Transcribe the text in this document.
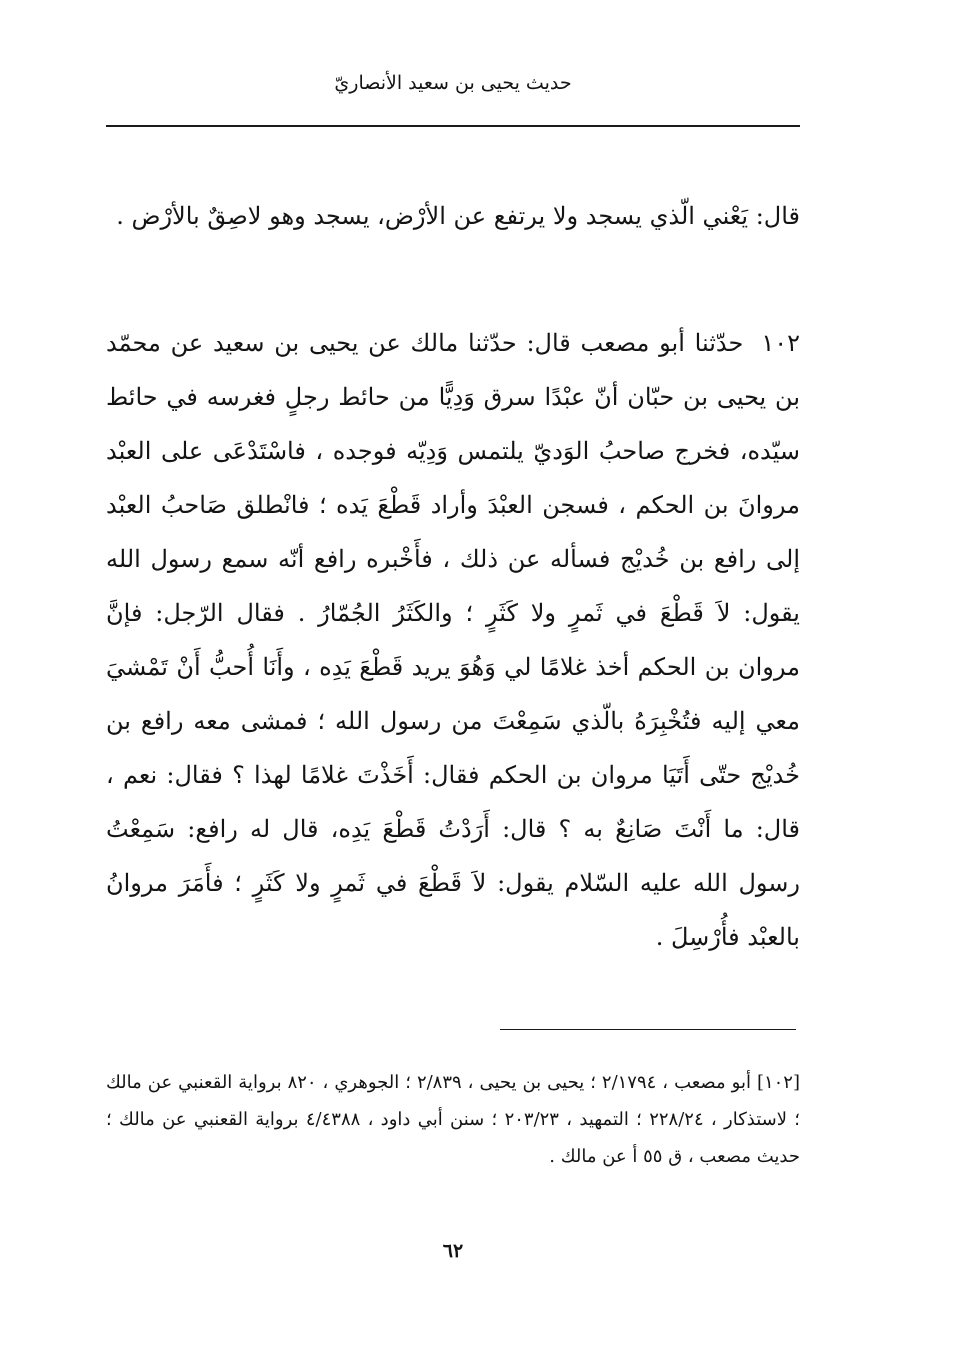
حديث يحيى بن سعيد الأنصاريّ

قال: يَعْني الّذي يسجد ولا يرتفع عن الأرْض، يسجد وهو لاصِقٌ بالأرْض .

١٠٢حدّثنا أبو مصعب قال: حدّثنا مالك عن يحيى بن سعيد عن محمّد بن يحيى بن حبّان أنّ عبْدًا سرق وَدِيًّا من حائط رجلٍ فغرسه في حائط سيّده، فخرج صاحبُ الوَديّ يلتمس وَدِيّه فوجده ، فاسْتَدْعَى على العبْد مروانَ بن الحكم ، فسجن العبْدَ وأراد قَطْعَ يَده ؛ فانْطلق صَاحبُ العبْد إلى رافع بن خُديْج فسأله عن ذلك ، فأَخْبره رافع أنّه سمع رسول الله يقول: لاَ قَطْعَ في ثَمرٍ ولا كَثَرٍ ؛ والكَثَرُ الجُمّارُ . فقال الرّجل: فإنَّ مروان بن الحكم أخذ غلامًا لي وَهُوَ يريد قَطْعَ يَدِه ، وأَنَا أُحبُّ أَنْ تَمْشيَ معي إليه فتُخْبِرَهُ بالّذي سَمِعْتَ من رسول الله ؛ فمشى معه رافع بن خُديْج حتّى أَتَيَا مروان بن الحكم فقال: أَخَذْتَ غلامًا لهذا ؟ فقال: نعم ، قال: ما أَنْتَ صَانِعٌ به ؟ قال: أَرَدْتُ قَطْعَ يَدِه، قال له رافع: سَمِعْتُ رسول الله عليه السّلام يقول: لاَ قَطْعَ في ثَمرٍ ولا كَثَرٍ ؛ فأَمَرَ مروانُ بالعبْد فأُرْسِلَ .

[١٠٢] أبو مصعب ، ٢/١٧٩٤ ؛ يحيى بن يحيى ، ٢/٨٣٩ ؛ الجوهري ، ٨٢٠ برواية القعنبي عن مالك ؛ لاستذكار ، ٢٢٨/٢٤ ؛ التمهيد ، ٢٠٣/٢٣ ؛ سنن أبي داود ، ٤/٤٣٨٨ برواية القعنبي عن مالك ؛ حديث مصعب ، ق ٥٥ أ عن مالك .

٦٢
